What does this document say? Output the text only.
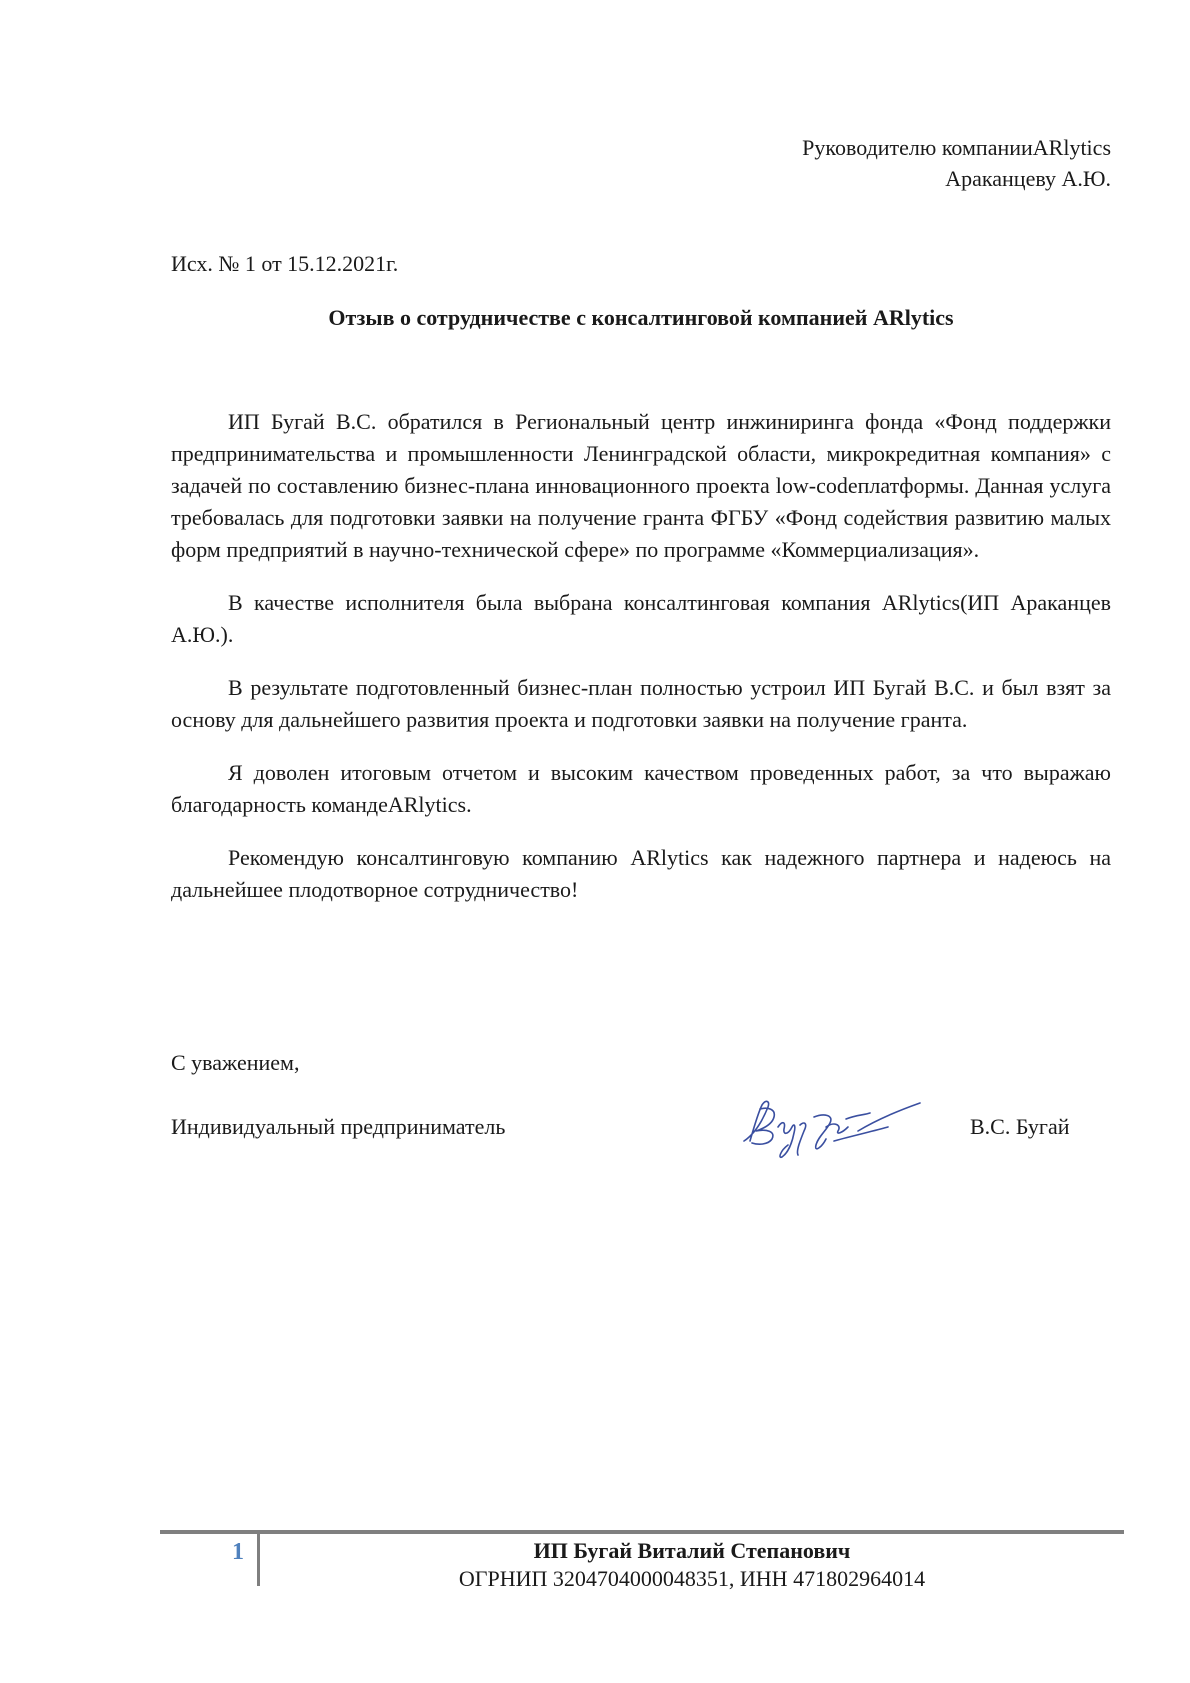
Руководителю компанииARlytics
Араканцеву А.Ю.
Исх. № 1 от 15.12.2021г.
Отзыв о сотрудничестве с консалтинговой компанией ARlytics

ИП Бугай В.С. обратился в Региональный центр инжиниринга фонда «Фонд поддержки предпринимательства и промышленности Ленинградской области, микрокредитная компания» с задачей по составлению бизнес-плана инновационного проекта low-codeплатформы. Данная услуга требовалась для подготовки заявки на получение гранта ФГБУ «Фонд содействия развитию малых форм предприятий в научно-технической сфере» по программе «Коммерциализация».

В качестве исполнителя была выбрана консалтинговая компания ARlytics(ИП Араканцев А.Ю.).

В результате подготовленный бизнес-план полностью устроил ИП Бугай В.С. и был взят за основу для дальнейшего развития проекта и подготовки заявки на получение гранта.

Я доволен итоговым отчетом и высоким качеством проведенных работ, за что выражаю благодарность командеARlytics.

Рекомендую консалтинговую компанию ARlytics как надежного партнера и надеюсь на дальнейшее плодотворное сотрудничество!

С уважением,
Индивидуальный предприниматель	В.С. Бугай
1	ИП Бугай Виталий Степанович
ОГРНИП 3204704000048351, ИНН 471802964014
